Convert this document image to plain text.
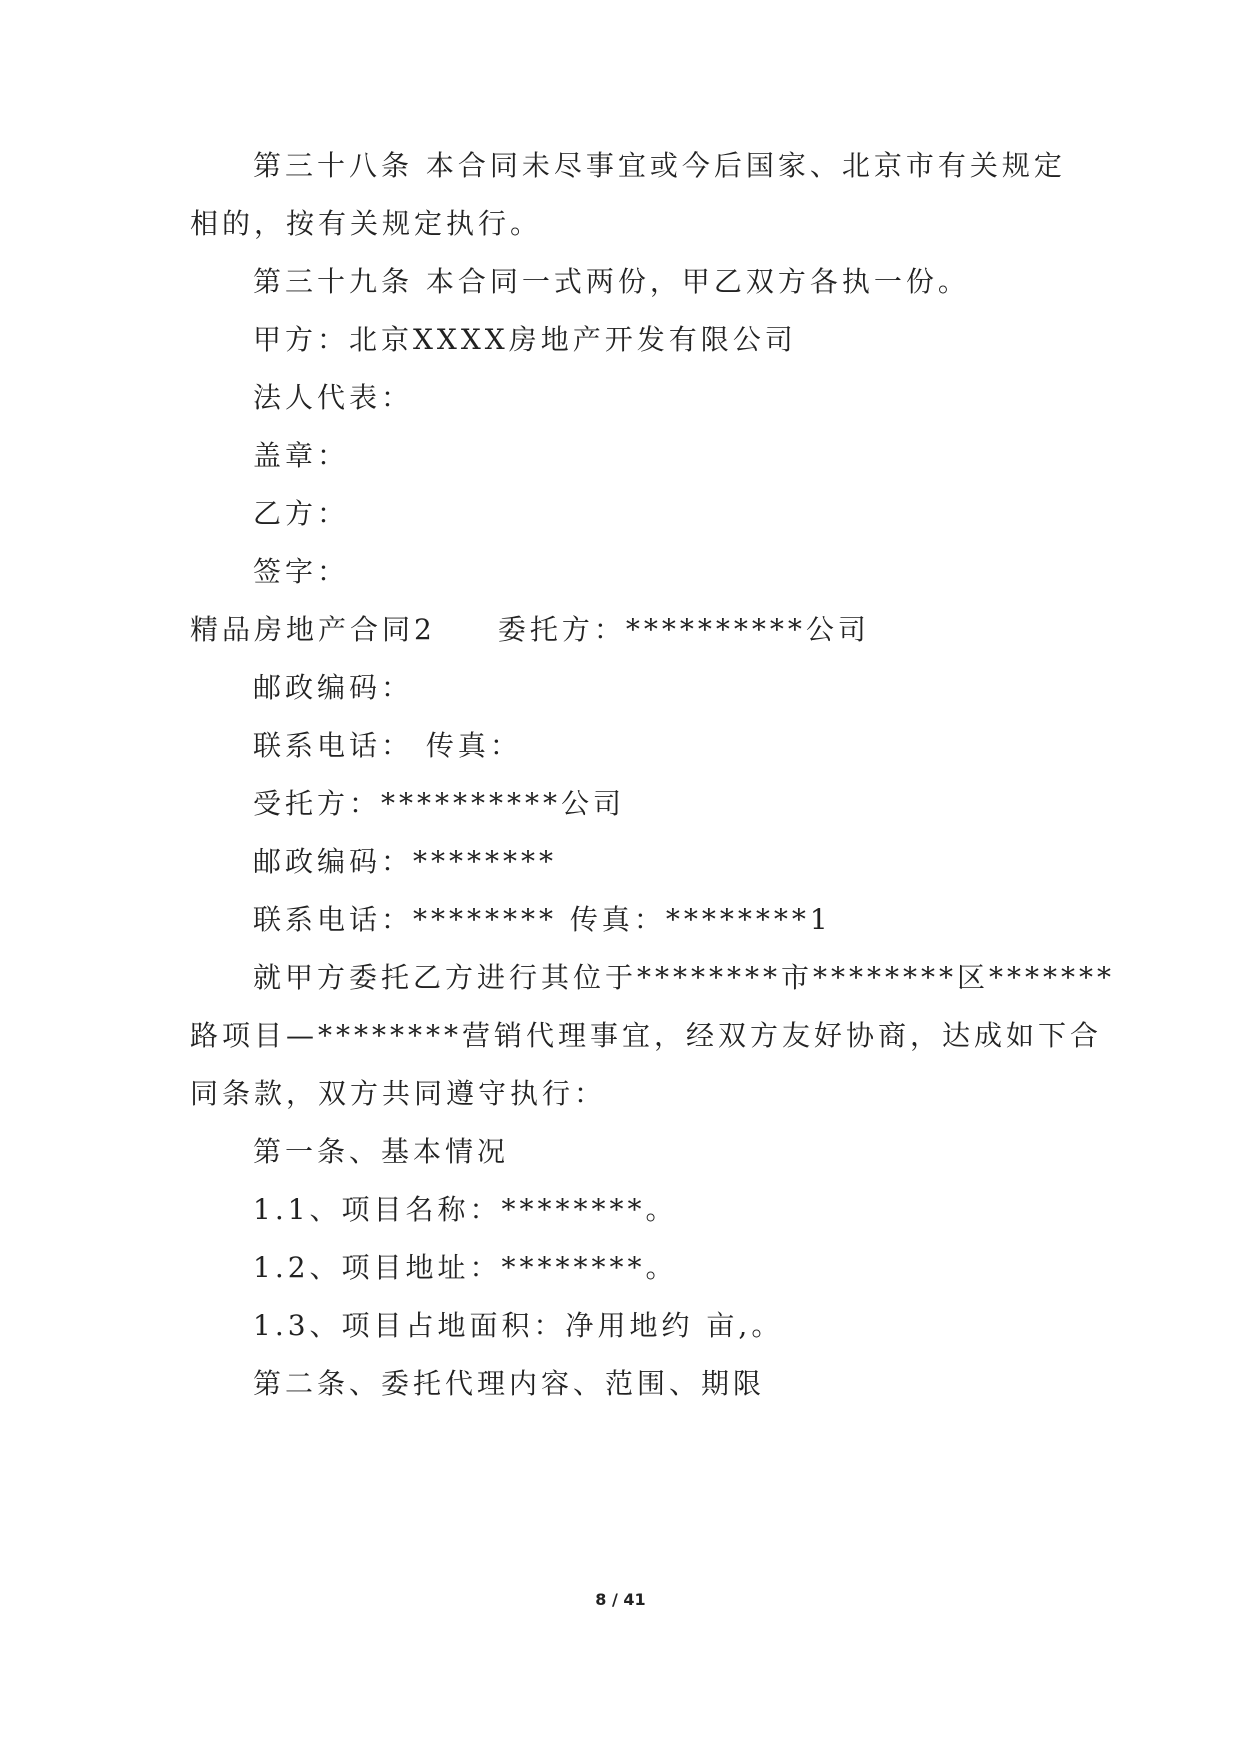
第三十八条 本合同未尽事宜或今后国家、北京市有关规定
相的，按有关规定执行。
第三十九条 本合同一式两份，甲乙双方各执一份。
甲方：北京XXXX房地产开发有限公司
法人代表：
盖章：
乙方：
签字：
精品房地产合同2 委托方：**********公司
邮政编码：
联系电话： 传真：
受托方：**********公司
邮政编码：********
联系电话：******** 传真：********1
就甲方委托乙方进行其位于********市********区*******
路项目—********营销代理事宜，经双方友好协商，达成如下合
同条款，双方共同遵守执行：
第一条、基本情况
1.1、项目名称：********。
1.2、项目地址：********。
1.3、项目占地面积：净用地约 亩,。
第二条、委托代理内容、范围、期限
8 / 41
